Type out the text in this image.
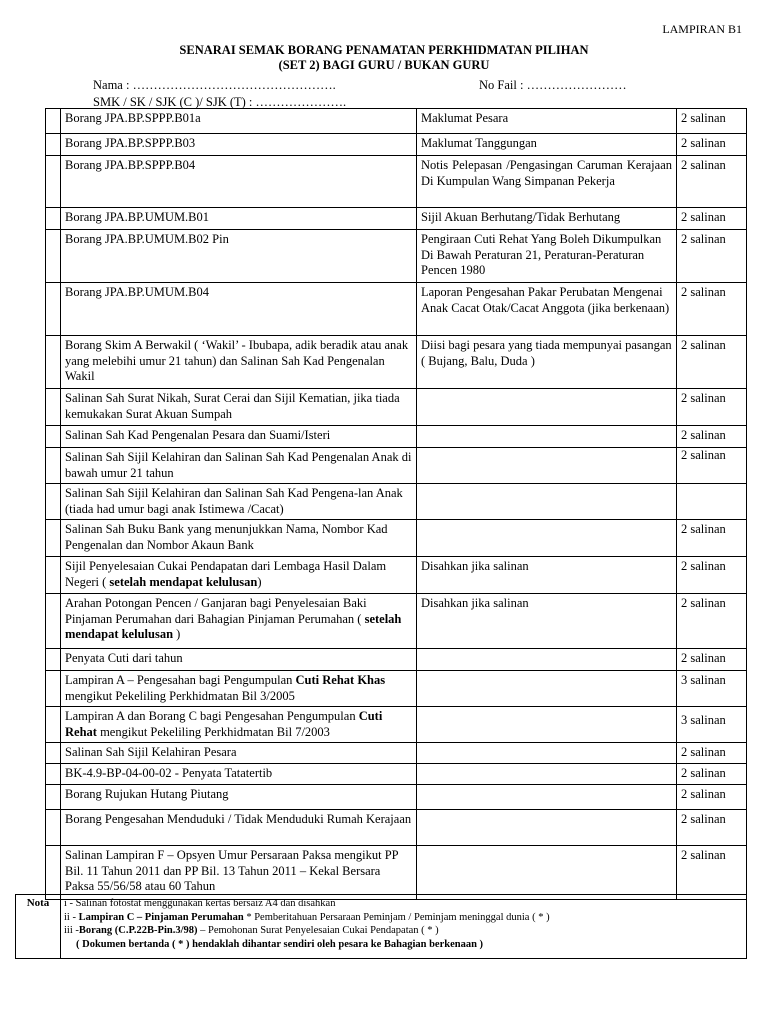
LAMPIRAN B1
SENARAI SEMAK BORANG PENAMATAN PERKHIDMATAN PILIHAN
(SET 2) BAGI GURU / BUKAN GURU
Nama : ………………………………………….	No Fail : ……………………
SMK / SK / SJK (C )/ SJK (T) : ………………….
	Borang JPA.BP.SPPP.B01a	Maklumat Pesara	2 salinan
	Borang JPA.BP.SPPP.B03	Maklumat Tanggungan	2 salinan
	Borang JPA.BP.SPPP.B04	Notis Pelepasan /Pengasingan Caruman Kerajaan Di Kumpulan Wang Simpanan Pekerja	2 salinan
	Borang JPA.BP.UMUM.B01	Sijil Akuan Berhutang/Tidak Berhutang	2 salinan
	Borang JPA.BP.UMUM.B02 Pin	Pengiraan Cuti Rehat Yang Boleh Dikumpulkan Di Bawah Peraturan 21, Peraturan-Peraturan Pencen 1980	2 salinan
	Borang JPA.BP.UMUM.B04	Laporan Pengesahan Pakar Perubatan Mengenai Anak Cacat Otak/Cacat Anggota (jika berkenaan)	2 salinan
	Borang Skim A Berwakil ( ‘Wakil’ - Ibubapa, adik beradik atau anak yang melebihi umur 21 tahun) dan Salinan Sah Kad Pengenalan Wakil	Diisi bagi pesara yang tiada mempunyai pasangan ( Bujang, Balu, Duda )	2 salinan
	Salinan Sah Surat Nikah, Surat Cerai dan Sijil Kematian, jika tiada kemukakan Surat Akuan Sumpah		2 salinan
	Salinan Sah Kad Pengenalan Pesara dan Suami/Isteri		2 salinan
	Salinan Sah Sijil Kelahiran dan Salinan Sah Kad Pengenalan Anak di bawah umur 21 tahun		2 salinan
	Salinan Sah Sijil Kelahiran dan Salinan Sah Kad Pengena-lan Anak (tiada had umur bagi anak Istimewa /Cacat)		
	Salinan Sah Buku Bank yang menunjukkan Nama, Nombor Kad Pengenalan dan Nombor Akaun Bank		2 salinan
	Sijil Penyelesaian Cukai Pendapatan dari Lembaga Hasil Dalam Negeri ( setelah mendapat kelulusan)	Disahkan jika salinan	2 salinan
	Arahan Potongan Pencen / Ganjaran bagi Penyelesaian Baki Pinjaman Perumahan dari Bahagian Pinjaman Perumahan ( setelah mendapat kelulusan )	Disahkan jika salinan	2 salinan
	Penyata Cuti dari tahun		2 salinan
	Lampiran A – Pengesahan bagi Pengumpulan Cuti Rehat Khas mengikut Pekeliling Perkhidmatan Bil 3/2005		3 salinan
	Lampiran A dan Borang C bagi Pengesahan Pengumpulan Cuti Rehat mengikut Pekeliling Perkhidmatan Bil 7/2003		3 salinan
	Salinan Sah Sijil Kelahiran Pesara		2 salinan
	BK-4.9-BP-04-00-02 - Penyata Tatatertib		2 salinan
	Borang Rujukan Hutang Piutang		2 salinan
	Borang Pengesahan Menduduki / Tidak Menduduki Rumah Kerajaan		2 salinan
	Salinan Lampiran F – Opsyen Umur Persaraan Paksa mengikut PP Bil. 11 Tahun 2011 dan PP Bil. 13 Tahun 2011 – Kekal Bersara Paksa 55/56/58 atau 60 Tahun		2 salinan
Nota	i - Salinan fotostat menggunakan kertas bersaiz A4 dan disahkan
ii - Lampiran C – Pinjaman Perumahan * Pemberitahuan Persaraan Peminjam / Peminjam meninggal dunia ( * )
iii -Borang (C.P.22B-Pin.3/98) – Pemohonan Surat Penyelesaian Cukai Pendapatan ( * )
( Dokumen bertanda ( * ) hendaklah dihantar sendiri oleh pesara ke Bahagian berkenaan )
